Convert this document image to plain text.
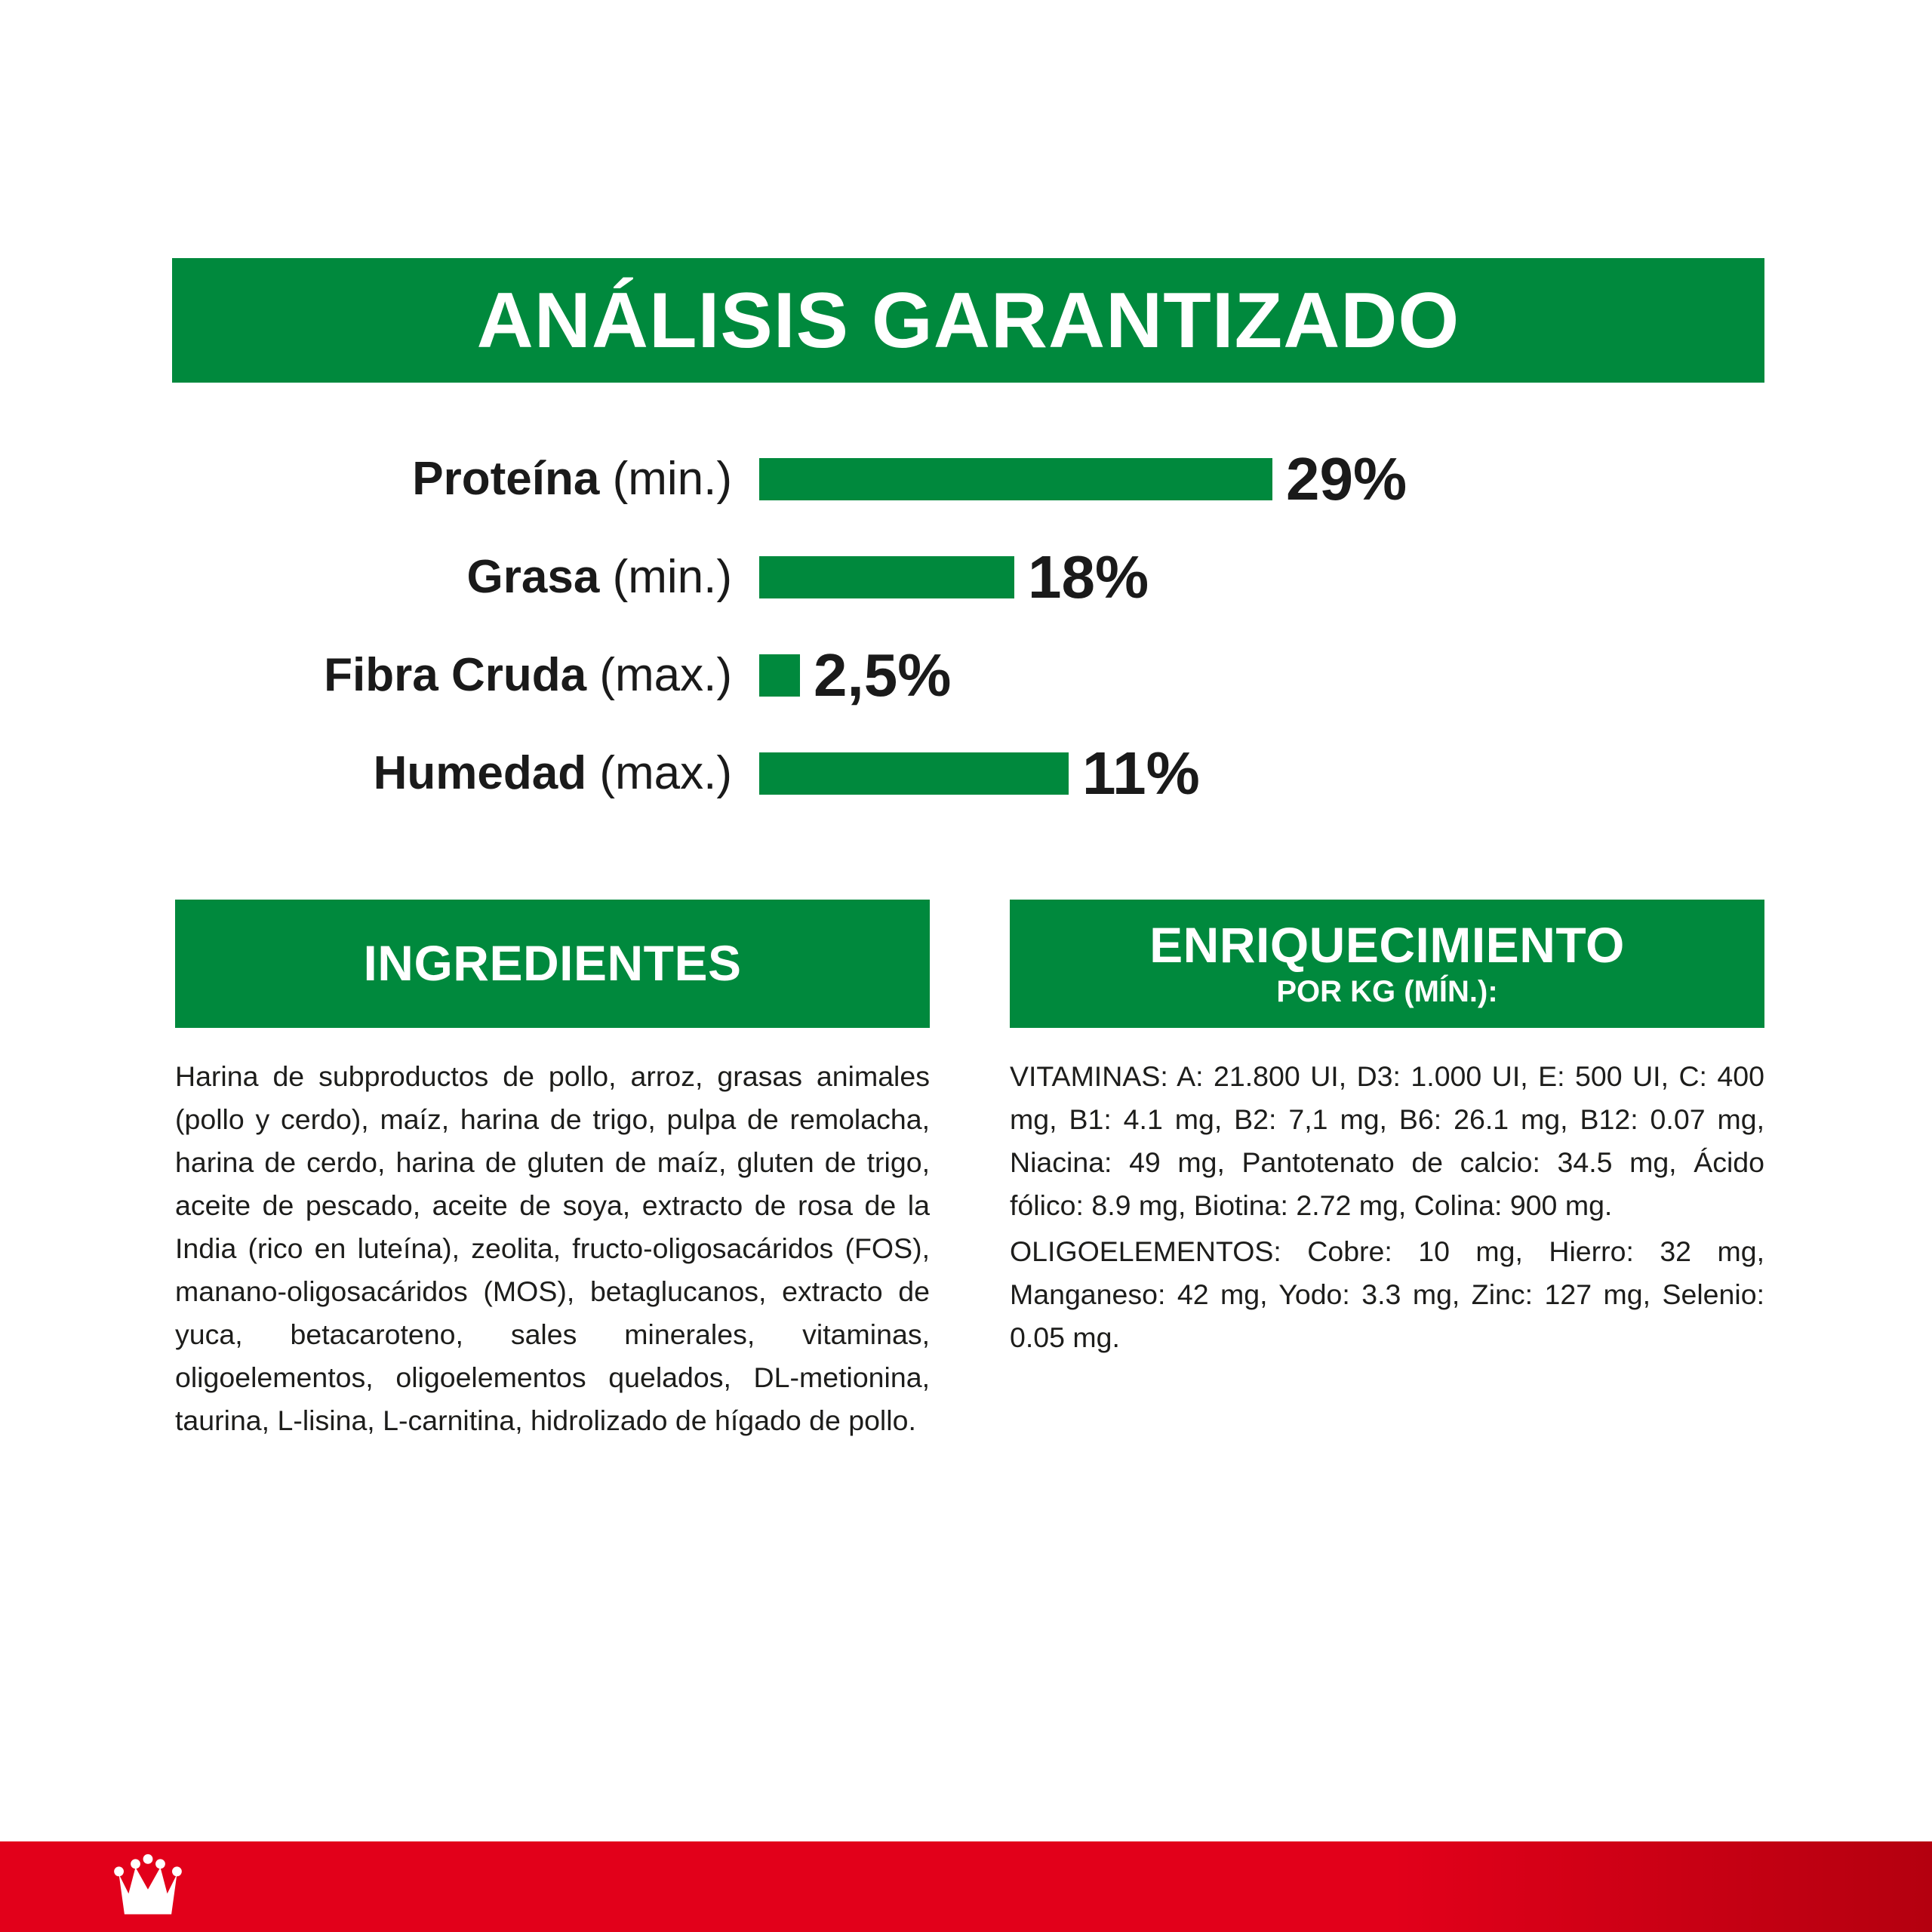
ANÁLISIS GARANTIZADO
Proteína (min.)	29%
Grasa (min.)	18%
Fibra Cruda (max.)	2,5%
Humedad (max.)	11%
INGREDIENTES

Harina de subproductos de pollo, arroz, grasas animales (pollo y cerdo), maíz, harina de trigo, pulpa de remolacha, harina de cerdo, harina de gluten de maíz, gluten de trigo, aceite de pescado, aceite de soya, extracto de rosa de la India (rico en luteína), zeolita, fructo-oligosacáridos (FOS), manano-oligosacáridos (MOS), betaglucanos, extracto de yuca, betacaroteno, sales minerales, vitaminas, oligoelementos, oligoelementos quelados, DL-metionina, taurina, L-lisina, L-carnitina, hidrolizado de hígado de pollo.

ENRIQUECIMIENTO
POR KG (MÍN.):

VITAMINAS: A: 21.800 UI, D3: 1.000 UI, E: 500 UI, C: 400 mg, B1: 4.1 mg, B2: 7,1 mg, B6: 26.1 mg, B12: 0.07 mg, Niacina: 49 mg, Pantotenato de calcio: 34.5 mg, Ácido fólico: 8.9 mg, Biotina: 2.72 mg, Colina: 900 mg.

OLIGOELEMENTOS: Cobre: 10 mg, Hierro: 32 mg, Manganeso: 42 mg, Yodo: 3.3 mg, Zinc: 127 mg, Selenio: 0.05 mg.
